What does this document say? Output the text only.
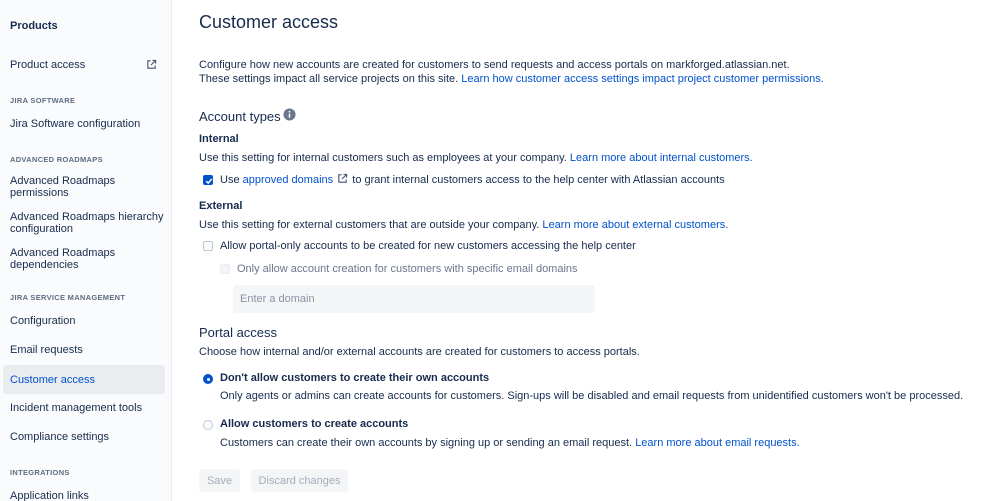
Products
Product access
JIRA SOFTWARE
Jira Software configuration
ADVANCED ROADMAPS
Advanced Roadmaps
permissions
Advanced Roadmaps hierarchy
configuration
Advanced Roadmaps
dependencies
JIRA SERVICE MANAGEMENT
Configuration
Email requests
Customer access
Incident management tools
Compliance settings
INTEGRATIONS
Application links
Customer access
Configure how new accounts are created for customers to send requests and access portals on markforged.atlassian.net.
These settings impact all service projects on this site. Learn how customer access settings impact project customer permissions.
Account types
Internal
Use this setting for internal customers such as employees at your company. Learn more about internal customers.
Use approved domains to grant internal customers access to the help center with Atlassian accounts
External
Use this setting for external customers that are outside your company. Learn more about external customers.
Allow portal-only accounts to be created for new customers accessing the help center
Only allow account creation for customers with specific email domains
Enter a domain
Portal access
Choose how internal and/or external accounts are created for customers to access portals.
Don't allow customers to create their own accounts
Only agents or admins can create accounts for customers. Sign-ups will be disabled and email requests from unidentified customers won't be processed.
Allow customers to create accounts
Customers can create their own accounts by signing up or sending an email request. Learn more about email requests.
Save	Discard changes
